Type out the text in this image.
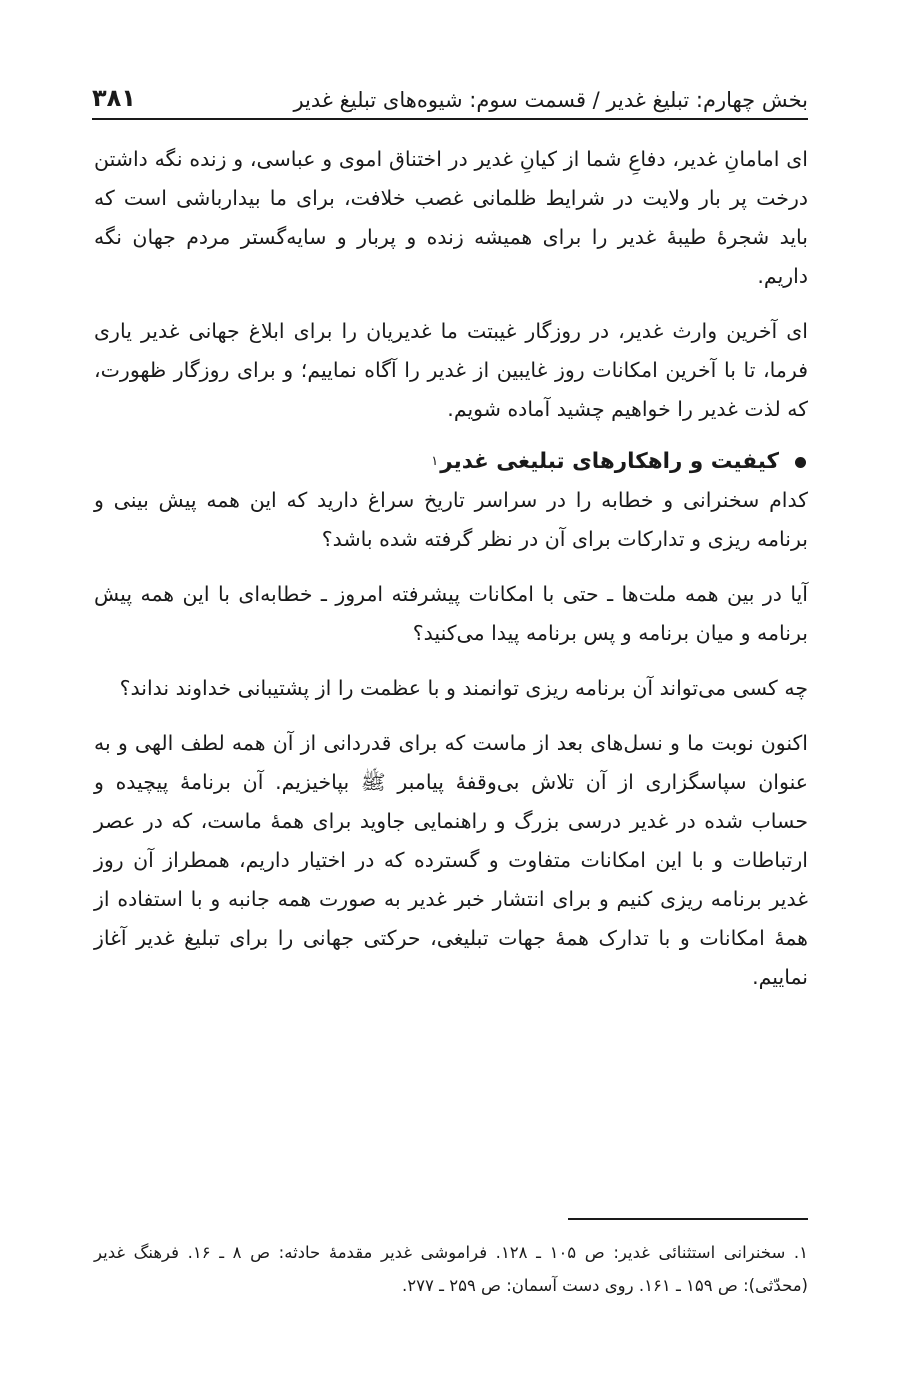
بخش چهارم: تبلیغ غدیر / قسمت سوم: شیوه‌های تبلیغ غدیر
۳۸۱

ای امامانِ غدیر، دفاعِ شما از کیانِ غدیر در اختناق اموی و عباسی، و زنده نگه داشتن درخت پر بار ولایت در شرایط ظلمانی غصب خلافت، برای ما بیدارباشی است که باید شجرهٔ طیبهٔ غدیر را برای همیشه زنده و پربار و سایه‌گستر مردم جهان نگه داریم.

ای آخرین وارث غدیر، در روزگار غیبتت ما غدیریان را برای ابلاغ جهانی غدیر یاری فرما، تا با آخرین امکانات روز غایبین از غدیر را آگاه نماییم؛ و برای روزگار ظهورت، که لذت غدیر را خواهیم چشید آماده شویم.

کیفیت و راهکارهای تبلیغی غدیر
۱

کدام سخنرانی و خطابه را در سراسر تاریخ سراغ دارید که این همه پیش بینی و برنامه ریزی و تدارکات برای آن در نظر گرفته شده باشد؟

آیا در بین همه ملت‌ها ـ حتی با امکانات پیشرفته امروز ـ خطابه‌ای با این همه پیش برنامه و میان برنامه و پس برنامه پیدا می‌کنید؟

چه کسی می‌تواند آن برنامه ریزی توانمند و با عظمت را از پشتیبانی خداوند نداند؟

اکنون نوبت ما و نسل‌های بعد از ماست که برای قدردانی از آن همه لطف الهی و به عنوان سپاسگزاری از آن تلاش بی‌وقفهٔ پیامبر ﷺ بپاخیزیم. آن برنامهٔ پیچیده و حساب شده در غدیر درسی بزرگ و راهنمایی جاوید برای همهٔ ماست، که در عصر ارتباطات و با این امکانات متفاوت و گسترده که در اختیار داریم، همطراز آن روز غدیر برنامه ریزی کنیم و برای انتشار خبر غدیر به صورت همه جانبه و با استفاده از همهٔ امکانات و با تدارک همهٔ جهات تبلیغی، حرکتی جهانی را برای تبلیغ غدیر آغاز نماییم.

۱. سخنرانی استثنائی غدیر: ص ۱۰۵ ـ ۱۲۸. فراموشی غدیر مقدمهٔ حادثه: ص ۸ ـ ۱۶. فرهنگ غدیر (محدّثی): ص ۱۵۹ ـ ۱۶۱. روی دست آسمان: ص ۲۵۹ ـ ۲۷۷.
